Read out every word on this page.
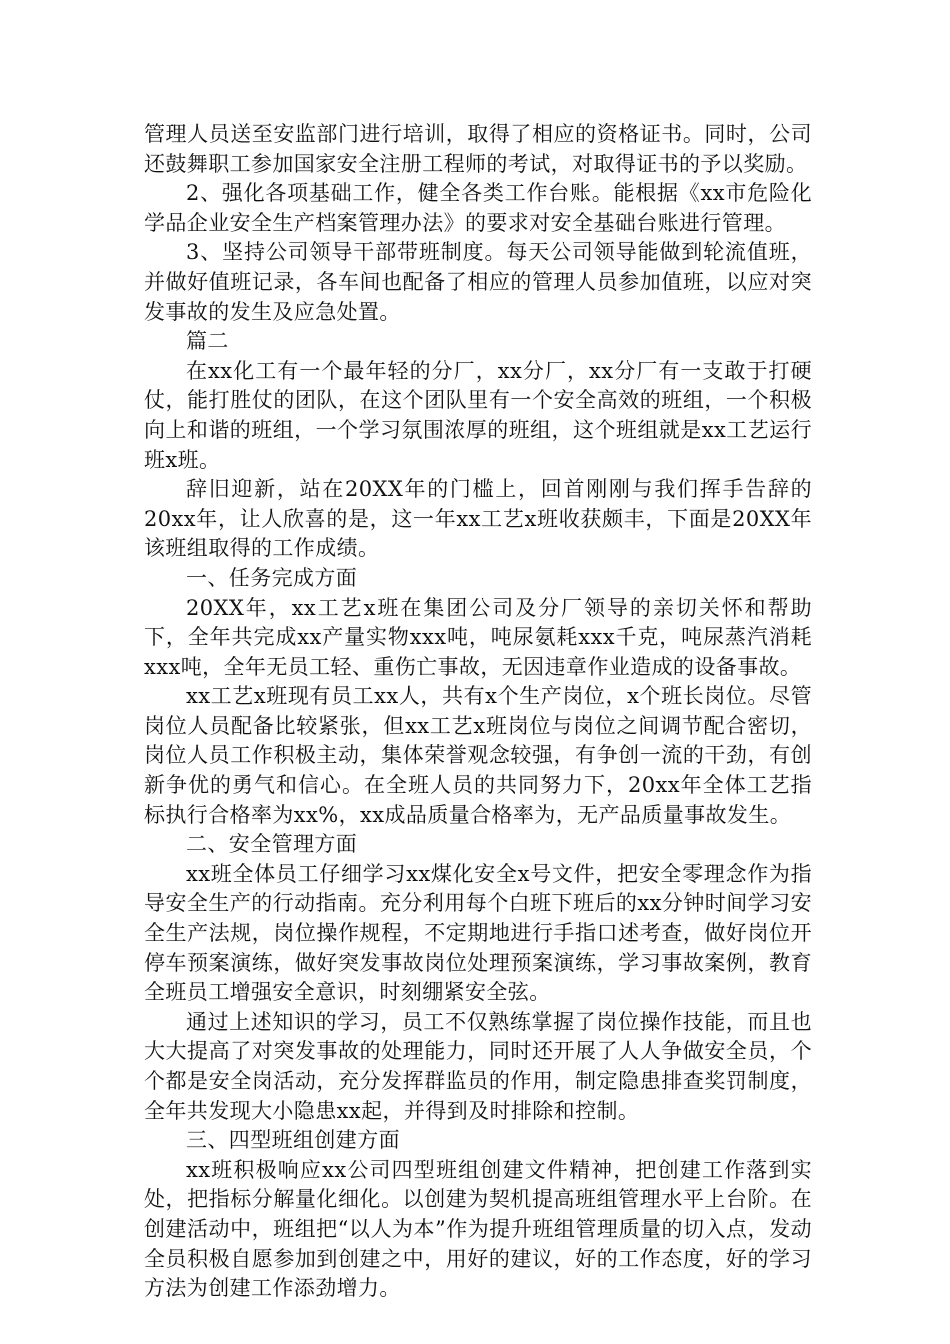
管理人员送至安监部门进行培训，取得了相应的资格证书。同时，公司还鼓舞职工参加国家安全注册工程师的考试，对取得证书的予以奖励。

2、强化各项基础工作，健全各类工作台账。能根据《xx市危险化学品企业安全生产档案管理办法》的要求对安全基础台账进行管理。

3、坚持公司领导干部带班制度。每天公司领导能做到轮流值班，并做好值班记录，各车间也配备了相应的管理人员参加值班，以应对突发事故的发生及应急处置。

篇二

在xx化工有一个最年轻的分厂，xx分厂，xx分厂有一支敢于打硬仗，能打胜仗的团队，在这个团队里有一个安全高效的班组，一个积极向上和谐的班组，一个学习氛围浓厚的班组，这个班组就是xx工艺运行班x班。

辞旧迎新，站在20XX年的门槛上，回首刚刚与我们挥手告辞的20xx年，让人欣喜的是，这一年xx工艺x班收获颇丰，下面是20XX年该班组取得的工作成绩。

一、任务完成方面

20XX年，xx工艺x班在集团公司及分厂领导的亲切关怀和帮助下，全年共完成xx产量实物xxx吨，吨尿氨耗xxx千克，吨尿蒸汽消耗xxx吨，全年无员工轻、重伤亡事故，无因违章作业造成的设备事故。

xx工艺x班现有员工xx人，共有x个生产岗位，x个班长岗位。尽管岗位人员配备比较紧张，但xx工艺x班岗位与岗位之间调节配合密切，岗位人员工作积极主动，集体荣誉观念较强，有争创一流的干劲，有创新争优的勇气和信心。在全班人员的共同努力下，20xx年全体工艺指标执行合格率为xx%，xx成品质量合格率为，无产品质量事故发生。

二、安全管理方面

xx班全体员工仔细学习xx煤化安全x号文件，把安全零理念作为指导安全生产的行动指南。充分利用每个白班下班后的xx分钟时间学习安全生产法规，岗位操作规程，不定期地进行手指口述考查，做好岗位开停车预案演练，做好突发事故岗位处理预案演练，学习事故案例，教育全班员工增强安全意识，时刻绷紧安全弦。

通过上述知识的学习，员工不仅熟练掌握了岗位操作技能，而且也大大提高了对突发事故的处理能力，同时还开展了人人争做安全员，个个都是安全岗活动，充分发挥群监员的作用，制定隐患排查奖罚制度，全年共发现大小隐患xx起，并得到及时排除和控制。

三、四型班组创建方面

xx班积极响应xx公司四型班组创建文件精神，把创建工作落到实处，把指标分解量化细化。以创建为契机提高班组管理水平上台阶。在创建活动中，班组把“以人为本”作为提升班组管理质量的切入点，发动全员积极自愿参加到创建之中，用好的建议，好的工作态度，好的学习方法为创建工作添劲增力。
